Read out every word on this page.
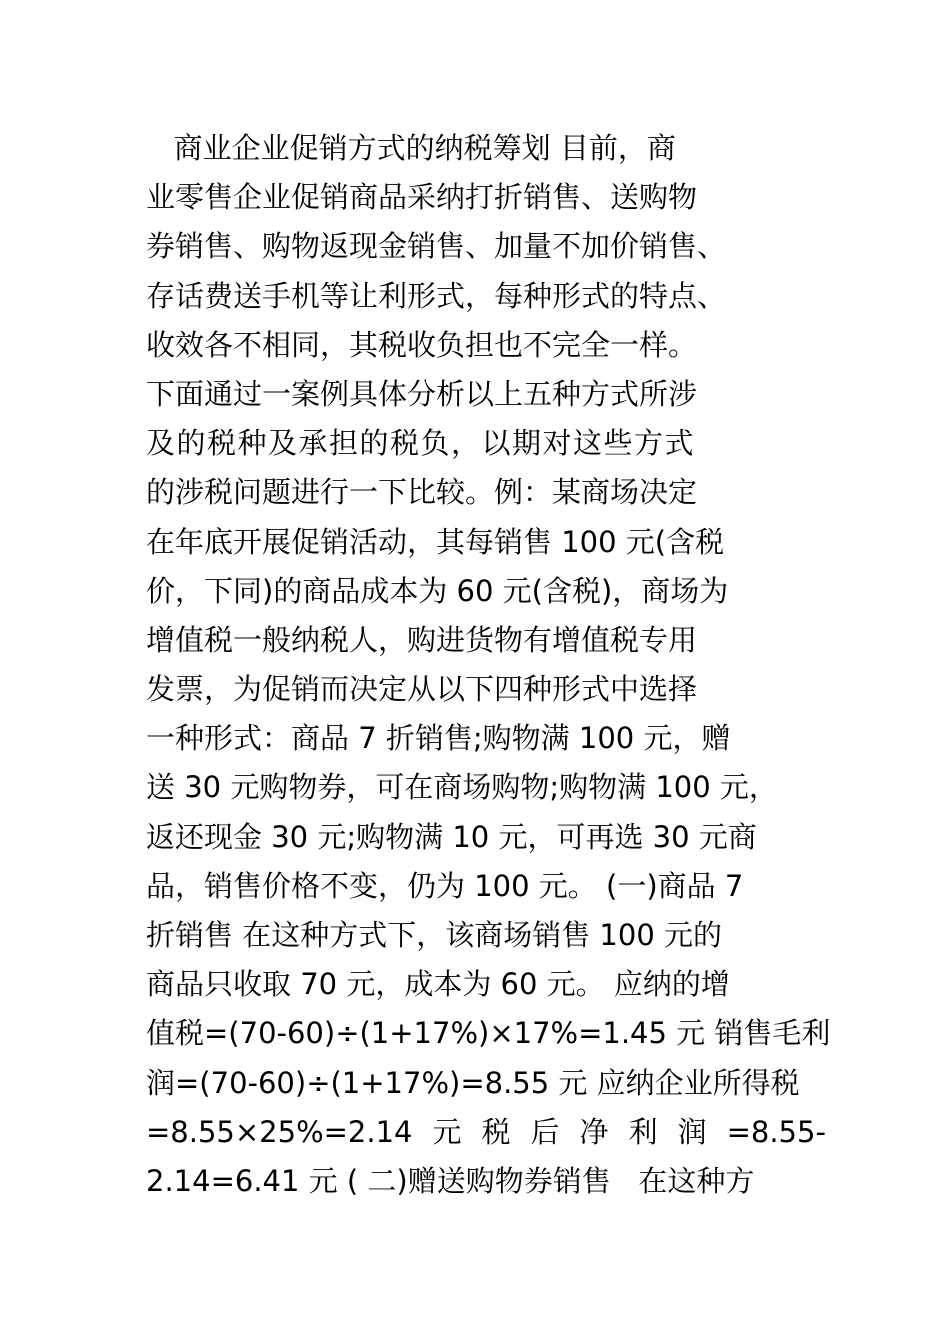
商业企业促销方式的纳税筹划 目前，商
业零售企业促销商品采纳打折销售、送购物
券销售、购物返现金销售、加量不加价销售、
存话费送手机等让利形式，每种形式的特点、
收效各不相同，其税收负担也不完全一样。
下面通过一案例具体分析以上五种方式所涉
及的税种及承担的税负，以期对这些方式
的涉税问题进行一下比较。例：某商场决定
在年底开展促销活动，其每销售 100 元(含税
价，下同)的商品成本为 60 元(含税)，商场为
增值税一般纳税人，购进货物有增值税专用
发票，为促销而决定从以下四种形式中选择
一种形式：商品 7 折销售;购物满 100 元，赠
送 30 元购物券，可在商场购物;购物满 100 元，
返还现金 30 元;购物满 10 元，可再选 30 元商
品，销售价格不变，仍为 100 元。 (一)商品 7
折销售 在这种方式下，该商场销售 100 元的
商品只收取 70 元，成本为 60 元。 应纳的增
值税=(70-60)÷(1+17%)×17%=1.45 元 销售毛利
润=(70-60)÷(1+17%)=8.55 元 应纳企业所得税
=8.55×25%=2.14 元 税 后 净 利 润 =8.55-
2.14=6.41 元 ( 二)赠送购物券销售   在这种方
